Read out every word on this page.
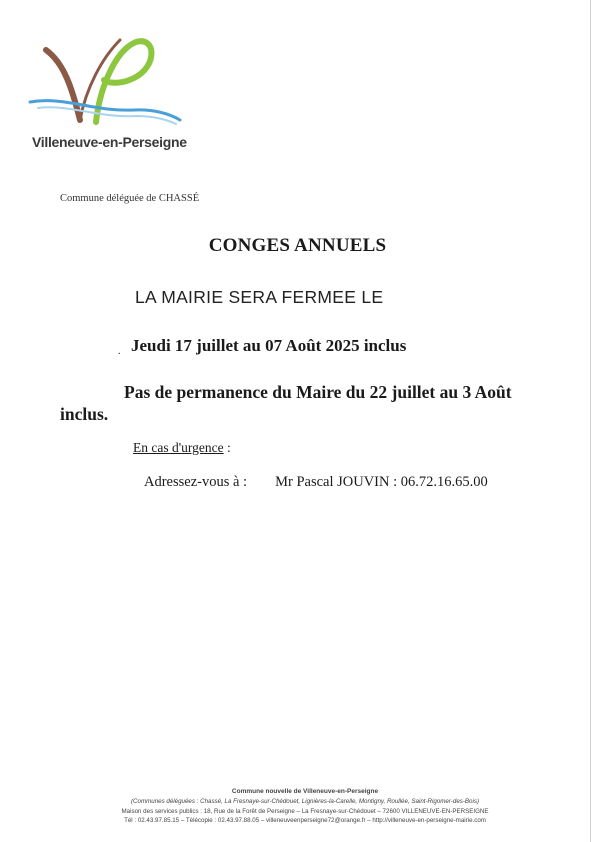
Villeneuve-en-Perseigne
Commune déléguée de CHASSÉ
CONGES ANNUELS
LA MAIRIE SERA FERMEE LE
. Jeudi 17 juillet au 07 Août 2025 inclus
Pas de permanence du Maire du 22 juillet au 3 Août inclus.
En cas d'urgence :
Adressez-vous à : Mr Pascal JOUVIN : 06.72.16.65.00
Commune nouvelle de Villeneuve-en-Perseigne
(Communes déléguées : Chassé, La Fresnaye-sur-Chédouet, Lignières-la-Carelle, Montigny, Roullée, Saint-Rigomer-des-Bois)
Maison des services publics : 18, Rue de la Forêt de Perseigne – La Fresnaye-sur-Chédouet – 72600 VILLENEUVE-EN-PERSEIGNE
Tél : 02.43.97.85.15 – Télécopie : 02.43.97.88.05 – villeneuveenperseigne72@orange.fr – http://villeneuve-en-perseigne-mairie.com
